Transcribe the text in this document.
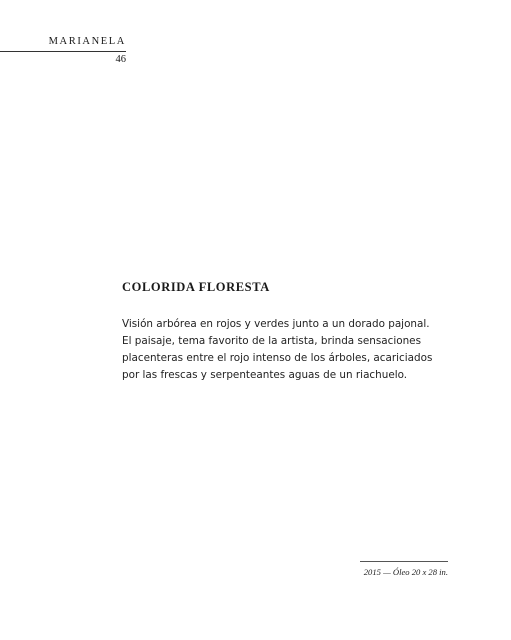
MARIANELA
46
COLORIDA FLORESTA

Visión arbórea en rojos y verdes junto a un dorado pajonal.
El paisaje, tema favorito de la artista, brinda sensaciones
placenteras entre el rojo intenso de los árboles, acariciados
por las frescas y serpenteantes aguas de un riachuelo.

2015 — Óleo 20 x 28 in.
